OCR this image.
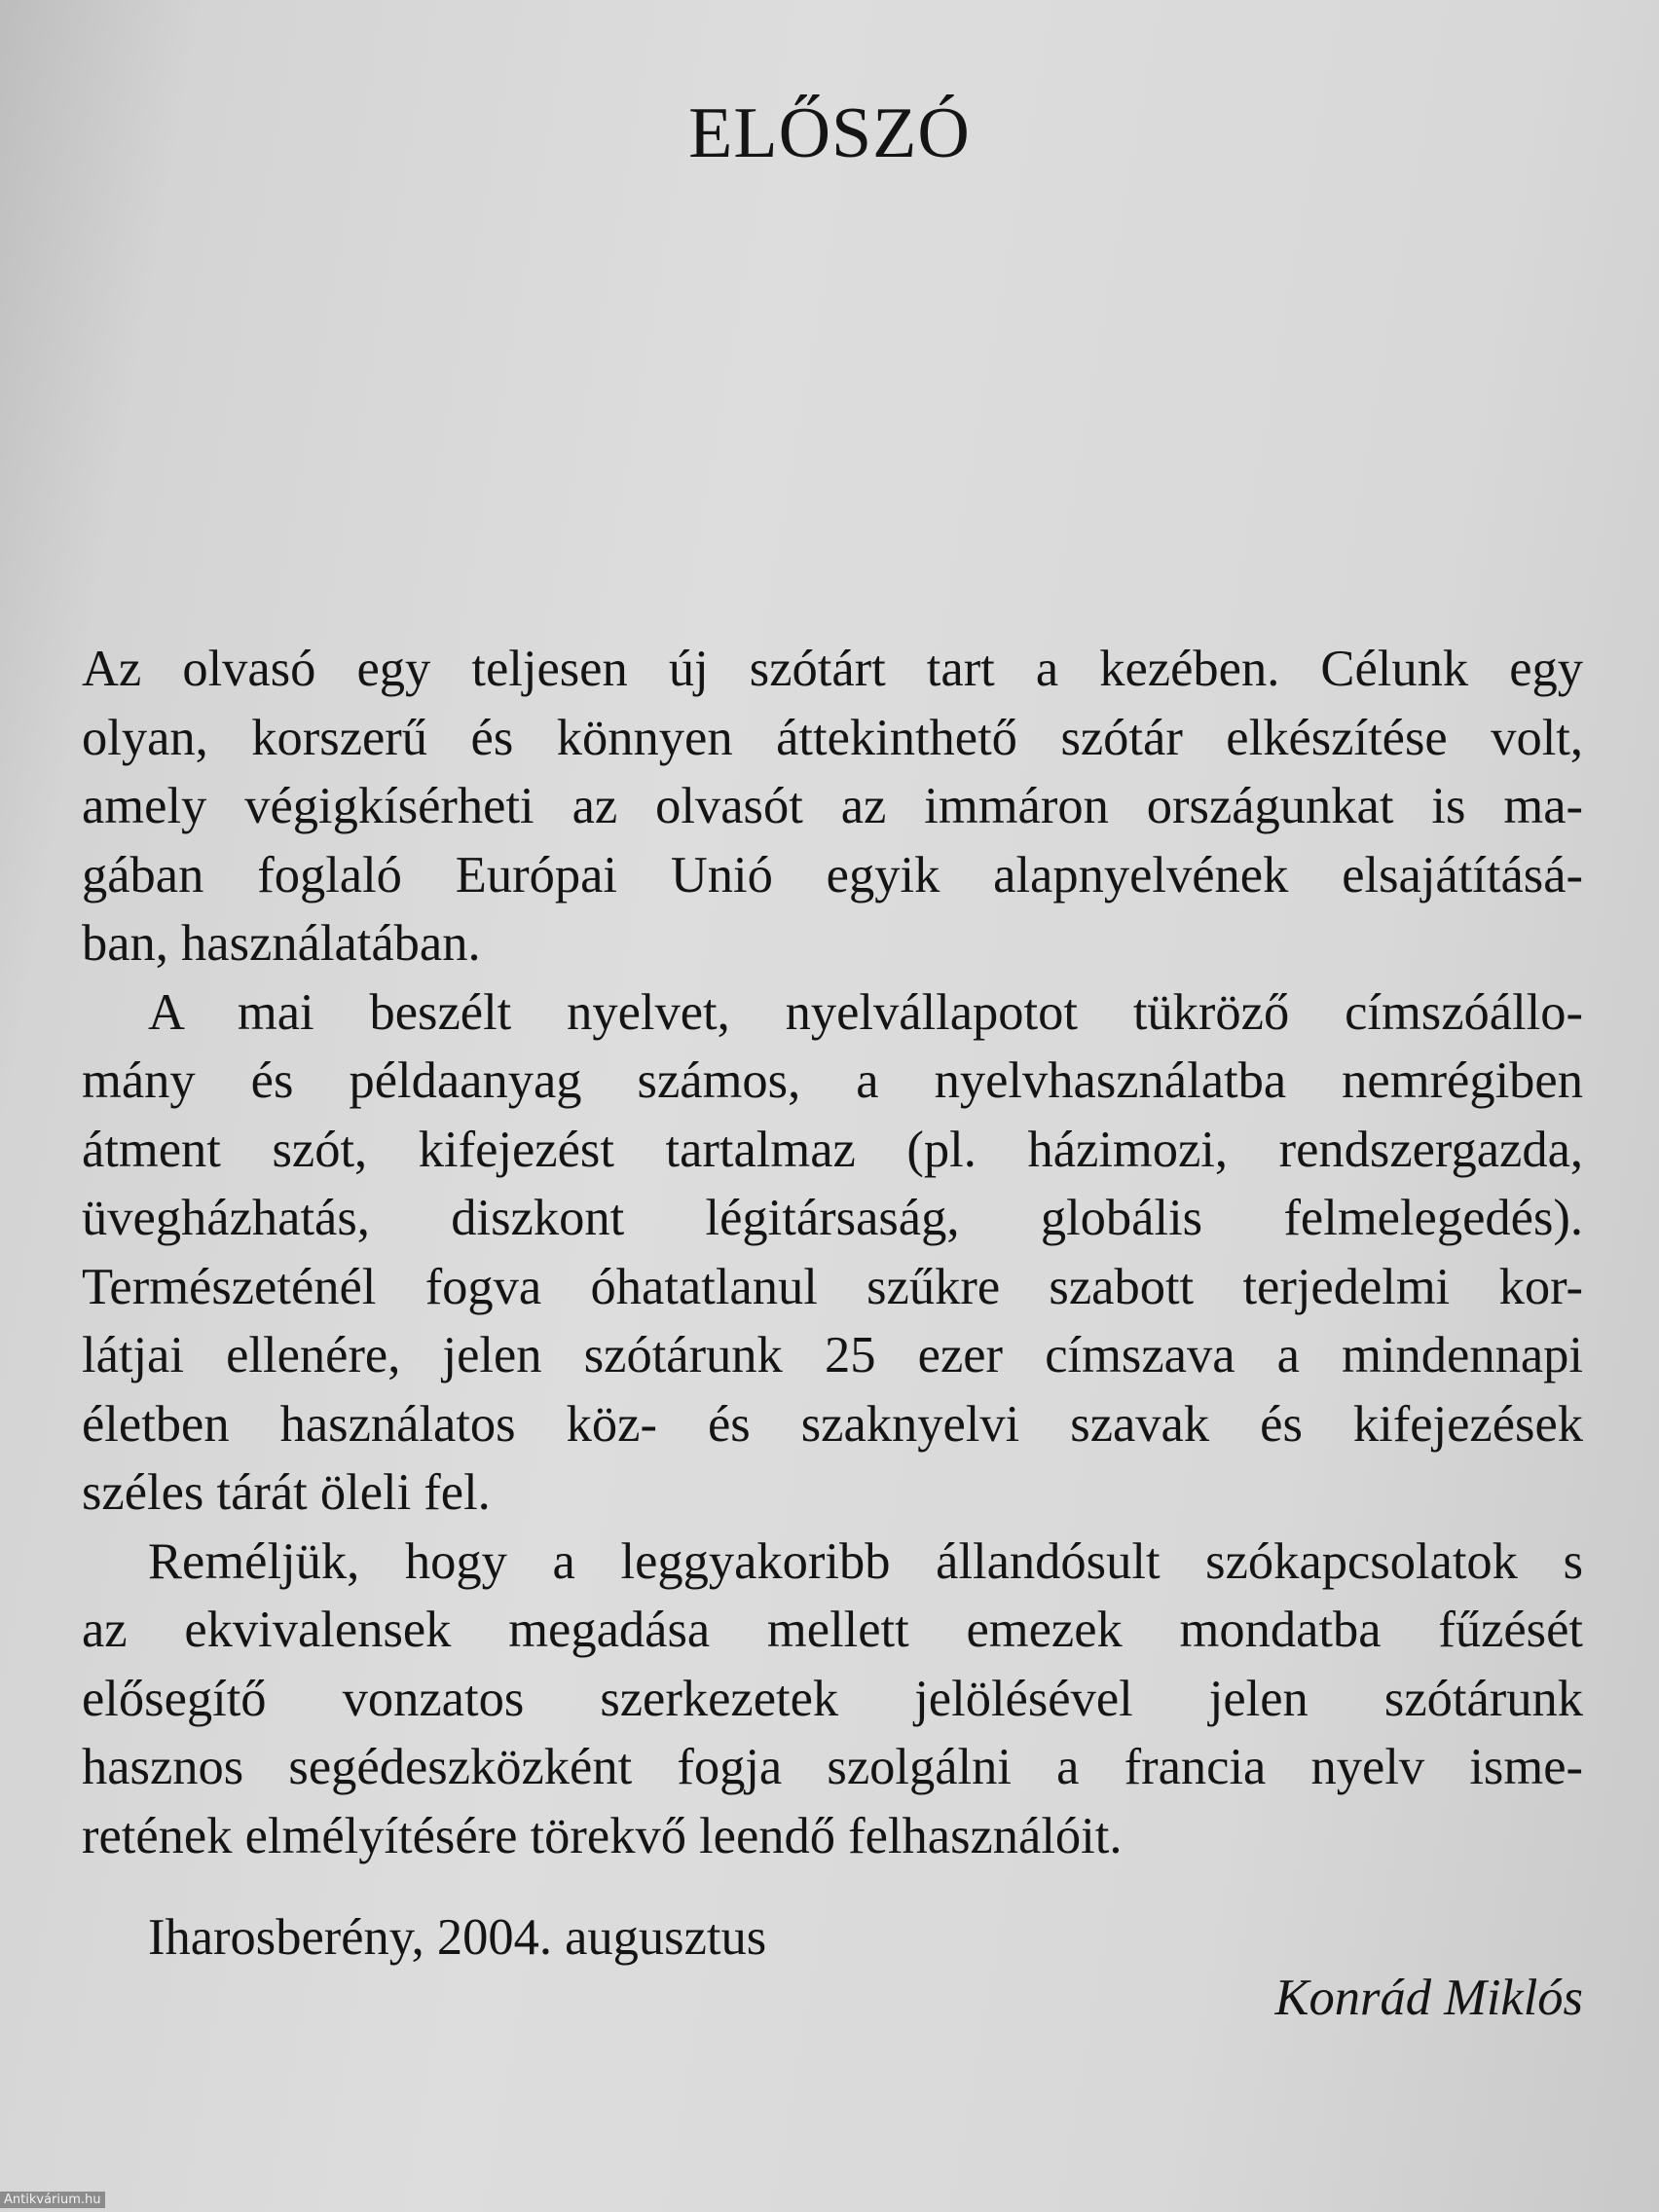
ELŐSZÓ
Az olvasó egy teljesen új szótárt tart a kezében. Célunk egy
olyan, korszerű és könnyen áttekinthető szótár elkészítése volt,
amely végigkísérheti az olvasót az immáron országunkat is ma-
gában foglaló Európai Unió egyik alapnyelvének elsajátításá-
ban, használatában.
A mai beszélt nyelvet, nyelvállapotot tükröző címszóállo-
mány és példaanyag számos, a nyelvhasználatba nemrégiben
átment szót, kifejezést tartalmaz (pl. házimozi, rendszergazda,
üvegházhatás, diszkont légitársaság, globális felmelegedés).
Természeténél fogva óhatatlanul szűkre szabott terjedelmi kor-
látjai ellenére, jelen szótárunk 25 ezer címszava a mindennapi
életben használatos köz- és szaknyelvi szavak és kifejezések
széles tárát öleli fel.
Reméljük, hogy a leggyakoribb állandósult szókapcsolatok s
az ekvivalensek megadása mellett emezek mondatba fűzését
elősegítő vonzatos szerkezetek jelölésével jelen szótárunk
hasznos segédeszközként fogja szolgálni a francia nyelv isme-
retének elmélyítésére törekvő leendő felhasználóit.
Iharosberény, 2004. augusztus
Konrád Miklós
Antikvárium.hu
